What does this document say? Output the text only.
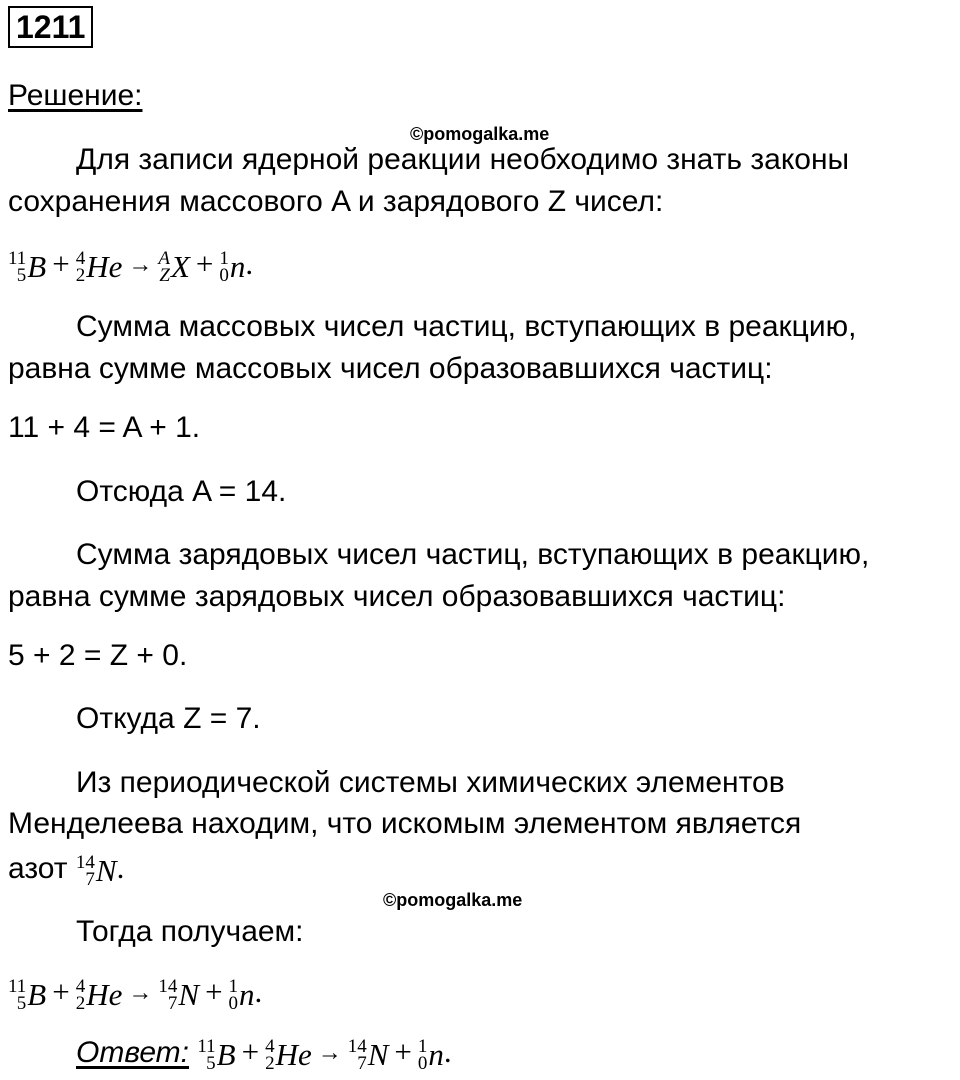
1211
Решение:
©pomogalka.me
Для записи ядерной реакции необходимо знать законы
сохранения массового A и зарядового Z чисел:
11
5 B + 4
2 He → A
Z X + 1
0 n .
Сумма массовых чисел частиц, вступающих в реакцию,
равна сумме массовых чисел образовавшихся частиц:
11 + 4 = A + 1.
Отсюда A = 14.
Сумма зарядовых чисел частиц, вступающих в реакцию,
равна сумме зарядовых чисел образовавшихся частиц:
5 + 2 = Z + 0.
Откуда Z = 7.
Из периодической системы химических элементов
Менделеева находим, что искомым элементом является
азот 14
7 N .
©pomogalka.me
Тогда получаем:
11
5 B + 4
2 He → 14
7 N + 1
0 n .
Ответ: 11
5 B + 4
2 He → 14
7 N + 1
0 n .
